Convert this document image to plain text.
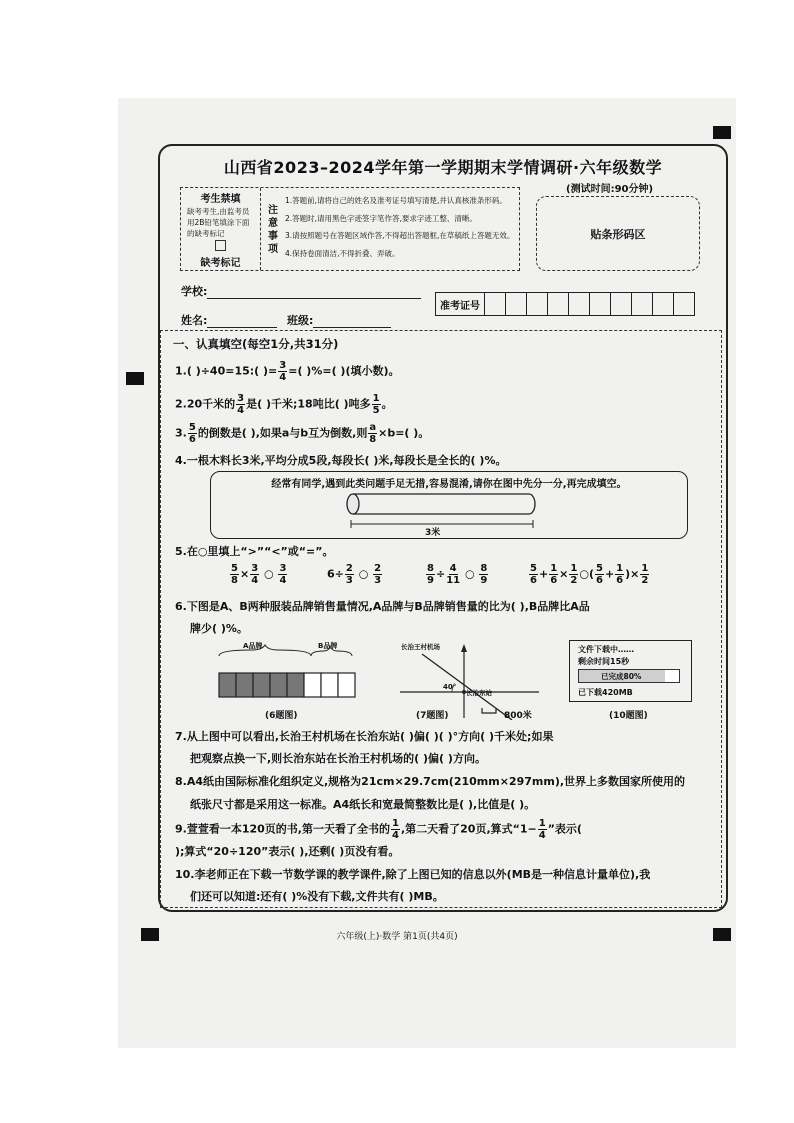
山西省2023–2024学年第一学期期末学情调研·六年级数学
(测试时间:90分钟)
考生禁填
缺考考生,由监考员用2B铅笔填涂下面的缺考标记
缺考标记
注意事项
1.答题前,请将自己的姓名及准考证号填写清楚,并认真核准条形码。
2.答题时,请用黑色字迹签字笔作答,要求字迹工整、清晰。
3.请按照题号在答题区域作答,不得超出答题框,在草稿纸上答题无效。
4.保持卷面清洁,不得折叠、弄破。
贴条形码区
学校:
姓名:	班级:
准考证号
一、认真填空(每空1分,共31分)
1.( )÷40=15:( )= $\frac{3}{4}$ =( )%=( )(填小数)。
2.20千米的 $\frac{3}{4}$ 是( )千米;18吨比( )吨多 $\frac{1}{5}$ 。
3. $\frac{5}{6}$ 的倒数是( ),如果a与b互为倒数,则 $\frac{a}{8} \times b=$( )。
4.一根木料长3米,平均分成5段,每段长( )米,每段长是全长的( )%。
经常有同学,遇到此类问题手足无措,容易混淆,请你在图中先分一分,再完成填空。
3米
5.在○里填上“>”“<”或“=”。
$\frac{5}{8} \times \frac{3}{4}$ ○ $\frac{3}{4}$	$6\div \frac{2}{3}$ ○ $\frac{2}{3}$	$\frac{8}{9} \div \frac{4}{11}$ ○ $\frac{8}{9}$	$\frac{5}{6} + \frac{1}{6} \times \frac{1}{2}$ ○( $\frac{5}{6} + \frac{1}{6}$ )× $\frac{1}{2}$
6.下图是A、B两种服装品牌销售量情况,A品牌与B品牌销售量的比为( ),B品牌比A品
牌少( )%。
A品牌	B品牌
(6题图)
长治王村机场
长治东站
40°
800米
(7题图)
文件下载中……
剩余时间15秒
已完成80%
已下载420MB
(10题图)
7.从上图中可以看出,长治王村机场在长治东站( )偏( )( )°方向( )千米处;如果
把观察点换一下,则长治东站在长治王村机场的( )偏( )方向。
8.A4纸由国际标准化组织定义,规格为21cm×29.7cm(210mm×297mm),世界上多数国家所使用的
纸张尺寸都是采用这一标准。A4纸长和宽最简整数比是( ),比值是( )。
9.萱萱看一本120页的书,第一天看了全书的 $\frac{1}{4}$ ,第二天看了20页,算式“$1- \frac{1}{4}$ ”表示(
);算式“20÷120”表示( ),还剩( )页没有看。
10.李老师正在下载一节数学课的教学课件,除了上图已知的信息以外(MB是一种信息计量单位),我
们还可以知道:还有( )%没有下载,文件共有( )MB。
六年级(上)·数学 第1页(共4页)
